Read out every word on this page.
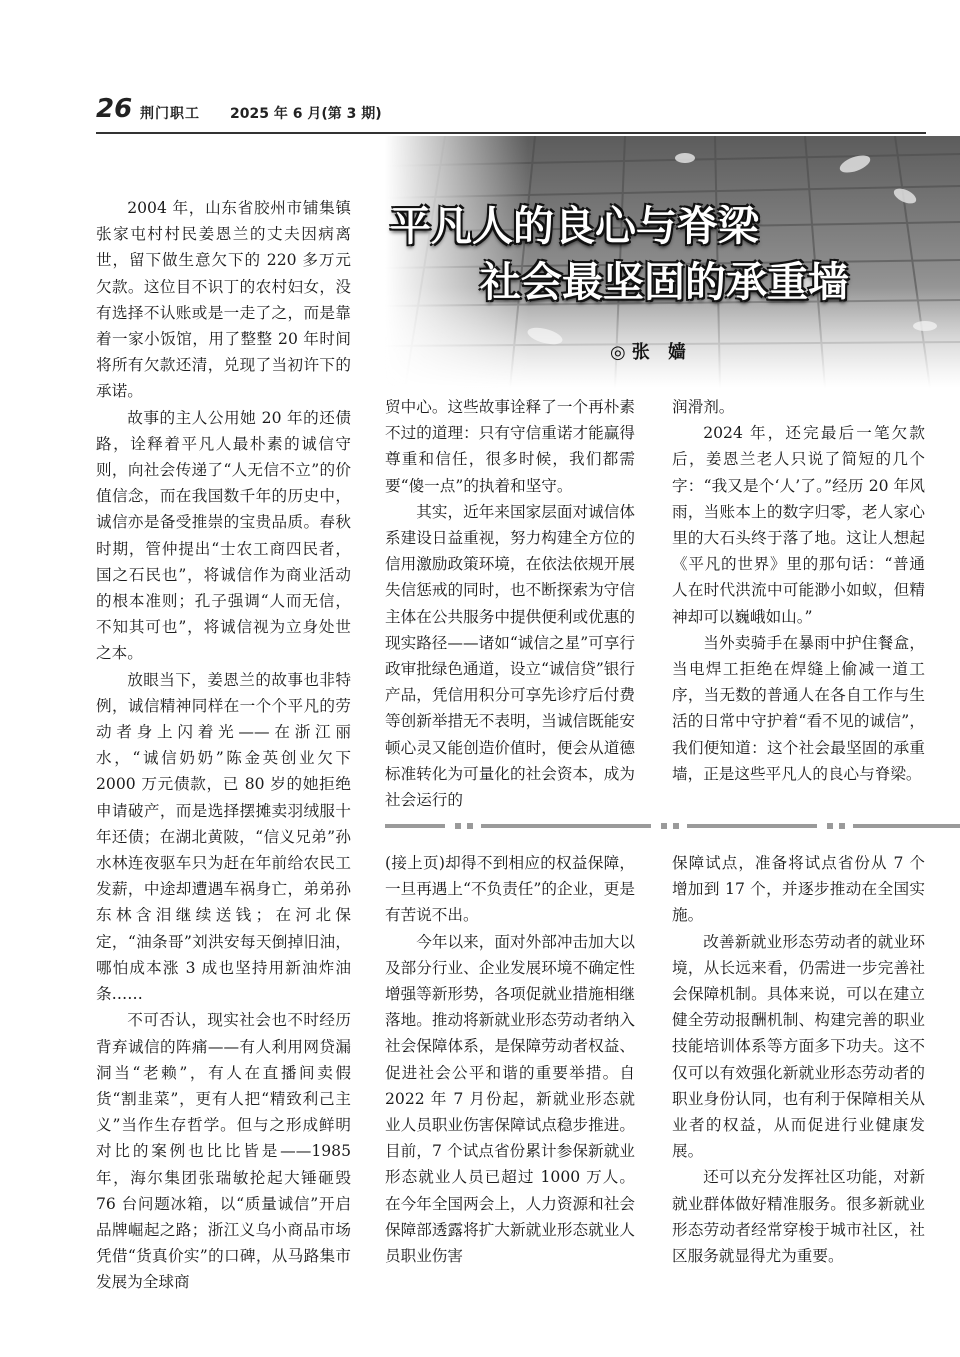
26 荆门职工 2025 年 6 月(第 3 期)
平凡人的良心与脊梁
社会最坚固的承重墙
◎张 嫱

2004 年，山东省胶州市铺集镇张家屯村村民姜恩兰的丈夫因病离世，留下做生意欠下的 220 多万元欠款。这位目不识丁的农村妇女，没有选择不认账或是一走了之，而是靠着一家小饭馆，用了整整 20 年时间将所有欠款还清，兑现了当初许下的承诺。

故事的主人公用她 20 年的还债路，诠释着平凡人最朴素的诚信守则，向社会传递了“人无信不立”的价值信念，而在我国数千年的历史中，诚信亦是备受推崇的宝贵品质。春秋时期，管仲提出“士农工商四民者，国之石民也”，将诚信作为商业活动的根本准则；孔子强调“人而无信，不知其可也”，将诚信视为立身处世之本。

放眼当下，姜恩兰的故事也非特例，诚信精神同样在一个个平凡的劳动者身上闪着光——在浙江丽水，“诚信奶奶”陈金英创业欠下 2000 万元债款，已 80 岁的她拒绝申请破产，而是选择摆摊卖羽绒服十年还债；在湖北黄陂，“信义兄弟”孙水林连夜驱车只为赶在年前给农民工发薪，中途却遭遇车祸身亡，弟弟孙东林含泪继续送钱；在河北保定，“油条哥”刘洪安每天倒掉旧油，哪怕成本涨 3 成也坚持用新油炸油条……

不可否认，现实社会也不时经历背弃诚信的阵痛——有人利用网贷漏洞当“老赖”，有人在直播间卖假货“割韭菜”，更有人把“精致利己主义”当作生存哲学。但与之形成鲜明对比的案例也比比皆是——1985 年，海尔集团张瑞敏抡起大锤砸毁 76 台问题冰箱，以“质量诚信”开启品牌崛起之路；浙江义乌小商品市场凭借“货真价实”的口碑，从马路集市发展为全球商

贸中心。这些故事诠释了一个再朴素不过的道理：只有守信重诺才能赢得尊重和信任，很多时候，我们都需要“傻一点”的执着和坚守。

其实，近年来国家层面对诚信体系建设日益重视，努力构建全方位的信用激励政策环境，在依法依规开展失信惩戒的同时，也不断探索为守信主体在公共服务中提供便利或优惠的现实路径——诸如“诚信之星”可享行政审批绿色通道，设立“诚信贷”银行产品，凭信用积分可享先诊疗后付费等创新举措无不表明，当诚信既能安顿心灵又能创造价值时，便会从道德标准转化为可量化的社会资本，成为社会运行的

润滑剂。

2024 年，还完最后一笔欠款后，姜恩兰老人只说了简短的几个字：“我又是个‘人’了。”经历 20 年风雨，当账本上的数字归零，老人家心里的大石头终于落了地。这让人想起《平凡的世界》里的那句话：“普通人在时代洪流中可能渺小如蚁，但精神却可以巍峨如山。”

当外卖骑手在暴雨中护住餐盒，当电焊工拒绝在焊缝上偷减一道工序，当无数的普通人在各自工作与生活的日常中守护着“看不见的诚信”，我们便知道：这个社会最坚固的承重墙，正是这些平凡人的良心与脊梁。

(接上页)却得不到相应的权益保障，一旦再遇上“不负责任”的企业，更是有苦说不出。

今年以来，面对外部冲击加大以及部分行业、企业发展环境不确定性增强等新形势，各项促就业措施相继落地。推动将新就业形态劳动者纳入社会保障体系，是保障劳动者权益、促进社会公平和谐的重要举措。自 2022 年 7 月份起，新就业形态就业人员职业伤害保障试点稳步推进。目前，7 个试点省份累计参保新就业形态就业人员已超过 1000 万人。在今年全国两会上，人力资源和社会保障部透露将扩大新就业形态就业人员职业伤害

保障试点，准备将试点省份从 7 个增加到 17 个，并逐步推动在全国实施。

改善新就业形态劳动者的就业环境，从长远来看，仍需进一步完善社会保障机制。具体来说，可以在建立健全劳动报酬机制、构建完善的职业技能培训体系等方面多下功夫。这不仅可以有效强化新就业形态劳动者的职业身份认同，也有利于保障相关从业者的权益，从而促进行业健康发展。

还可以充分发挥社区功能，对新就业群体做好精准服务。很多新就业形态劳动者经常穿梭于城市社区，社区服务就显得尤为重要。
